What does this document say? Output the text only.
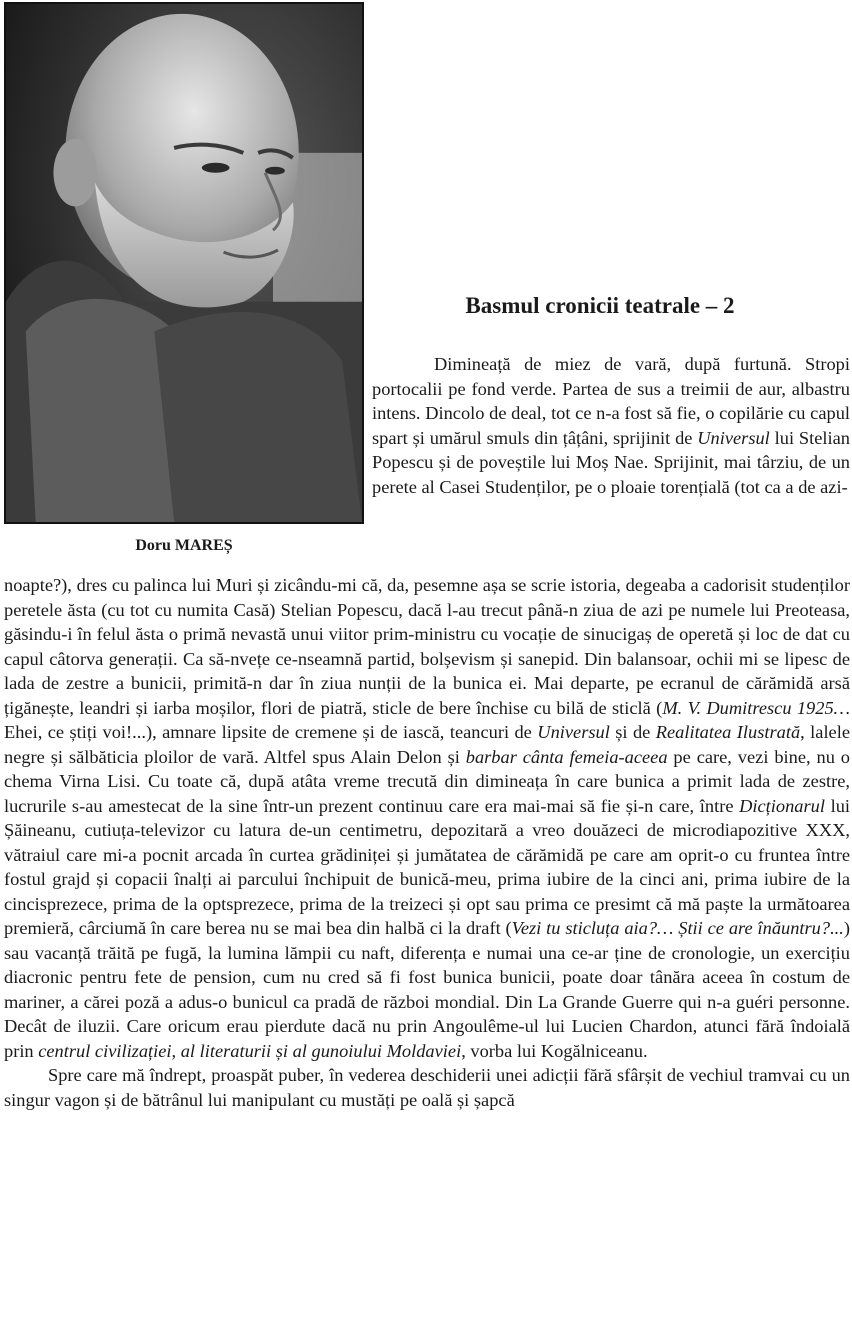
Doru MAREȘ
Basmul cronicii teatrale – 2

Dimineață de miez de vară, după furtună. Stropi portocalii pe fond verde. Partea de sus a treimii de aur, albastru intens. Dincolo de deal, tot ce n-a fost să fie, o copilărie cu capul spart și umărul smuls din țâțâni, sprijinit de Universul lui Stelian Popescu și de poveștile lui Moș Nae. Sprijinit, mai târziu, de un perete al Casei Studenților, pe o ploaie torențială (tot ca a de azi-

noapte?), dres cu palinca lui Muri și zicându-mi că, da, pesemne așa se scrie istoria, degeaba a cadorisit studenților peretele ăsta (cu tot cu numita Casă) Stelian Popescu, dacă l-au trecut până-n ziua de azi pe numele lui Preoteasa, găsindu-i în felul ăsta o primă nevastă unui viitor prim-ministru cu vocație de sinucigaș de operetă și loc de dat cu capul câtorva generații. Ca să-nvețe ce-nseamnă partid, bolșevism și sanepid. Din balansoar, ochii mi se lipesc de lada de zestre a bunicii, primită-n dar în ziua nunții de la bunica ei. Mai departe, pe ecranul de cărămidă arsă țigănește, leandri și iarba moșilor, flori de piatră, sticle de bere închise cu bilă de sticlă (M. V. Dumitrescu 1925… Ehei, ce știți voi!...), amnare lipsite de cremene și de iască, teancuri de Universul și de Realitatea Ilustrată, lalele negre și sălbăticia ploilor de vară. Altfel spus Alain Delon și barbar cânta femeia-aceea pe care, vezi bine, nu o chema Virna Lisi. Cu toate că, după atâta vreme trecută din dimineața în care bunica a primit lada de zestre, lucrurile s-au amestecat de la sine într-un prezent continuu care era mai-mai să fie și-n care, între Dicționarul lui Șăineanu, cutiuța-televizor cu latura de-un centimetru, depozitară a vreo douăzeci de microdiapozitive XXX, vătraiul care mi-a pocnit arcada în curtea grădiniței și jumătatea de cărămidă pe care am oprit-o cu fruntea între fostul grajd și copacii înalți ai parcului închipuit de bunică-meu, prima iubire de la cinci ani, prima iubire de la cincisprezece, prima de la optsprezece, prima de la treizeci și opt sau prima ce presimt că mă paște la următoarea premieră, cârciumă în care berea nu se mai bea din halbă ci la draft (Vezi tu sticluța aia?… Știi ce are înăuntru?...) sau vacanță trăită pe fugă, la lumina lămpii cu naft, diferența e numai una ce-ar ține de cronologie, un exercițiu diacronic pentru fete de pension, cum nu cred să fi fost bunica bunicii, poate doar tânăra aceea în costum de mariner, a cărei poză a adus-o bunicul ca pradă de război mondial. Din La Grande Guerre qui n-a guéri personne. Decât de iluzii. Care oricum erau pierdute dacă nu prin Angoulême-ul lui Lucien Chardon, atunci fără îndoială prin centrul civilizației, al literaturii și al gunoiului Moldaviei, vorba lui Kogălniceanu.

Spre care mă îndrept, proaspăt puber, în vederea deschiderii unei adicții fără sfârșit de vechiul tramvai cu un singur vagon și de bătrânul lui manipulant cu mustăți pe oală și șapcă
